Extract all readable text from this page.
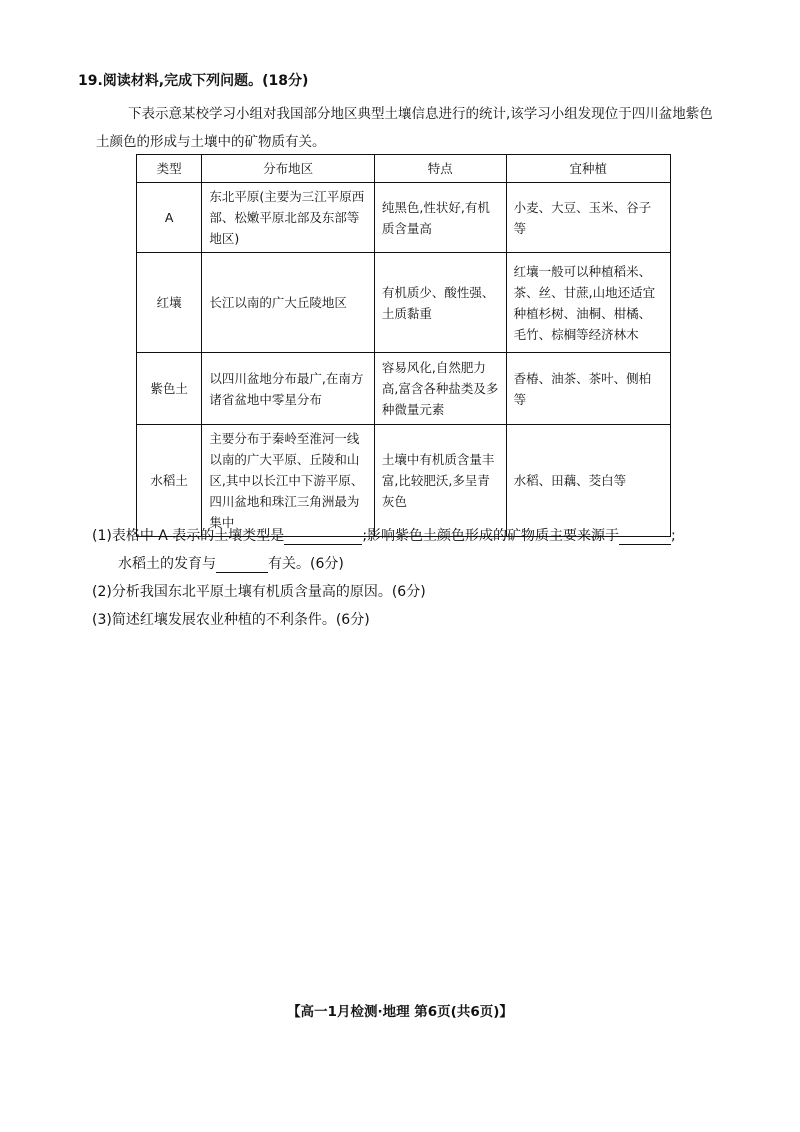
19.阅读材料,完成下列问题。(18分)
下表示意某校学习小组对我国部分地区典型土壤信息进行的统计,该学习小组发现位于四川盆地紫色土颜色的形成与土壤中的矿物质有关。
类型	分布地区	特点	宜种植
A	东北平原(主要为三江平原西部、松嫩平原北部及东部等地区)	纯黑色,性状好,有机质含量高	小麦、大豆、玉米、谷子等
红壤	长江以南的广大丘陵地区	有机质少、酸性强、土质黏重	红壤一般可以种植稻米、茶、丝、甘蔗,山地还适宜种植杉树、油桐、柑橘、毛竹、棕榈等经济林木
紫色土	以四川盆地分布最广,在南方诸省盆地中零星分布	容易风化,自然肥力高,富含各种盐类及多种微量元素	香椿、油茶、茶叶、侧柏等
水稻土	主要分布于秦岭至淮河一线以南的广大平原、丘陵和山区,其中以长江中下游平原、四川盆地和珠江三角洲最为集中	土壤中有机质含量丰富,比较肥沃,多呈青灰色	水稻、田藕、茭白等
(1)表格中 A 表示的土壤类型是	;影响紫色土颜色形成的矿物质主要来源于	;
水稻土的发育与	有关。(6分)
(2)分析我国东北平原土壤有机质含量高的原因。(6分)
(3)简述红壤发展农业种植的不利条件。(6分)
【高一1月检测·地理 第6页(共6页)】
